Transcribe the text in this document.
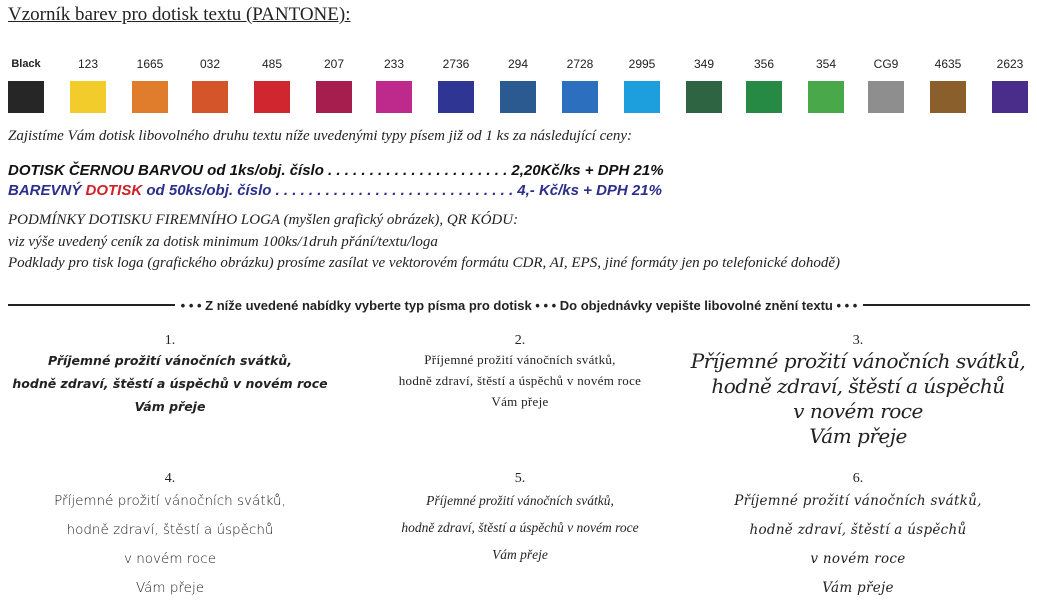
Vzorník barev pro dotisk textu (PANTONE):
Black	123	1665	032	485	207	233	2736	294	2728	2995	349	356	354	CG9	4635	2623
Zajistíme Vám dotisk libovolného druhu textu níže uvedenými typy písem již od 1 ks za následující ceny:
DOTISK ČERNOU BARVOU od 1ks/obj. číslo . . . . . . . . . . . . . . . . . . . . . . 2,20Kč/ks + DPH 21%
BAREVNÝ DOTISK od 50ks/obj. číslo . . . . . . . . . . . . . . . . . . . . . . . . . . . . . 4,- Kč/ks + DPH 21%
PODMÍNKY DOTISKU FIREMNÍHO LOGA (myšlen grafický obrázek), QR KÓDU:
viz výše uvedený ceník za dotisk minimum 100ks/1druh přání/textu/loga
Podklady pro tisk loga (grafického obrázku) prosíme zasílat ve vektorovém formátu CDR, AI, EPS, jiné formáty jen po telefonické dohodě)
• • • Z níže uvedené nabídky vyberte typ písma pro dotisk • • • Do objednávky vepište libovolné znění textu • • •
1.
Příjemné prožití vánočních svátků,
hodně zdraví, štěstí a úspěchů v novém roce
Vám přeje
2.
Příjemné prožití vánočních svátků,
hodně zdraví, štěstí a úspěchů v novém roce
Vám přeje
3.
Příjemné prožití vánočních svátků,
hodně zdraví, štěstí a úspěchů
v novém roce
Vám přeje
4.
Příjemné prožití vánočních svátků,
hodně zdraví, štěstí a úspěchů
v novém roce
Vám přeje
5.
Příjemné prožití vánočních svátků,
hodně zdraví, štěstí a úspěchů v novém roce
Vám přeje
6.
Příjemné prožití vánočních svátků,
hodně zdraví, štěstí a úspěchů
v novém roce
Vám přeje
